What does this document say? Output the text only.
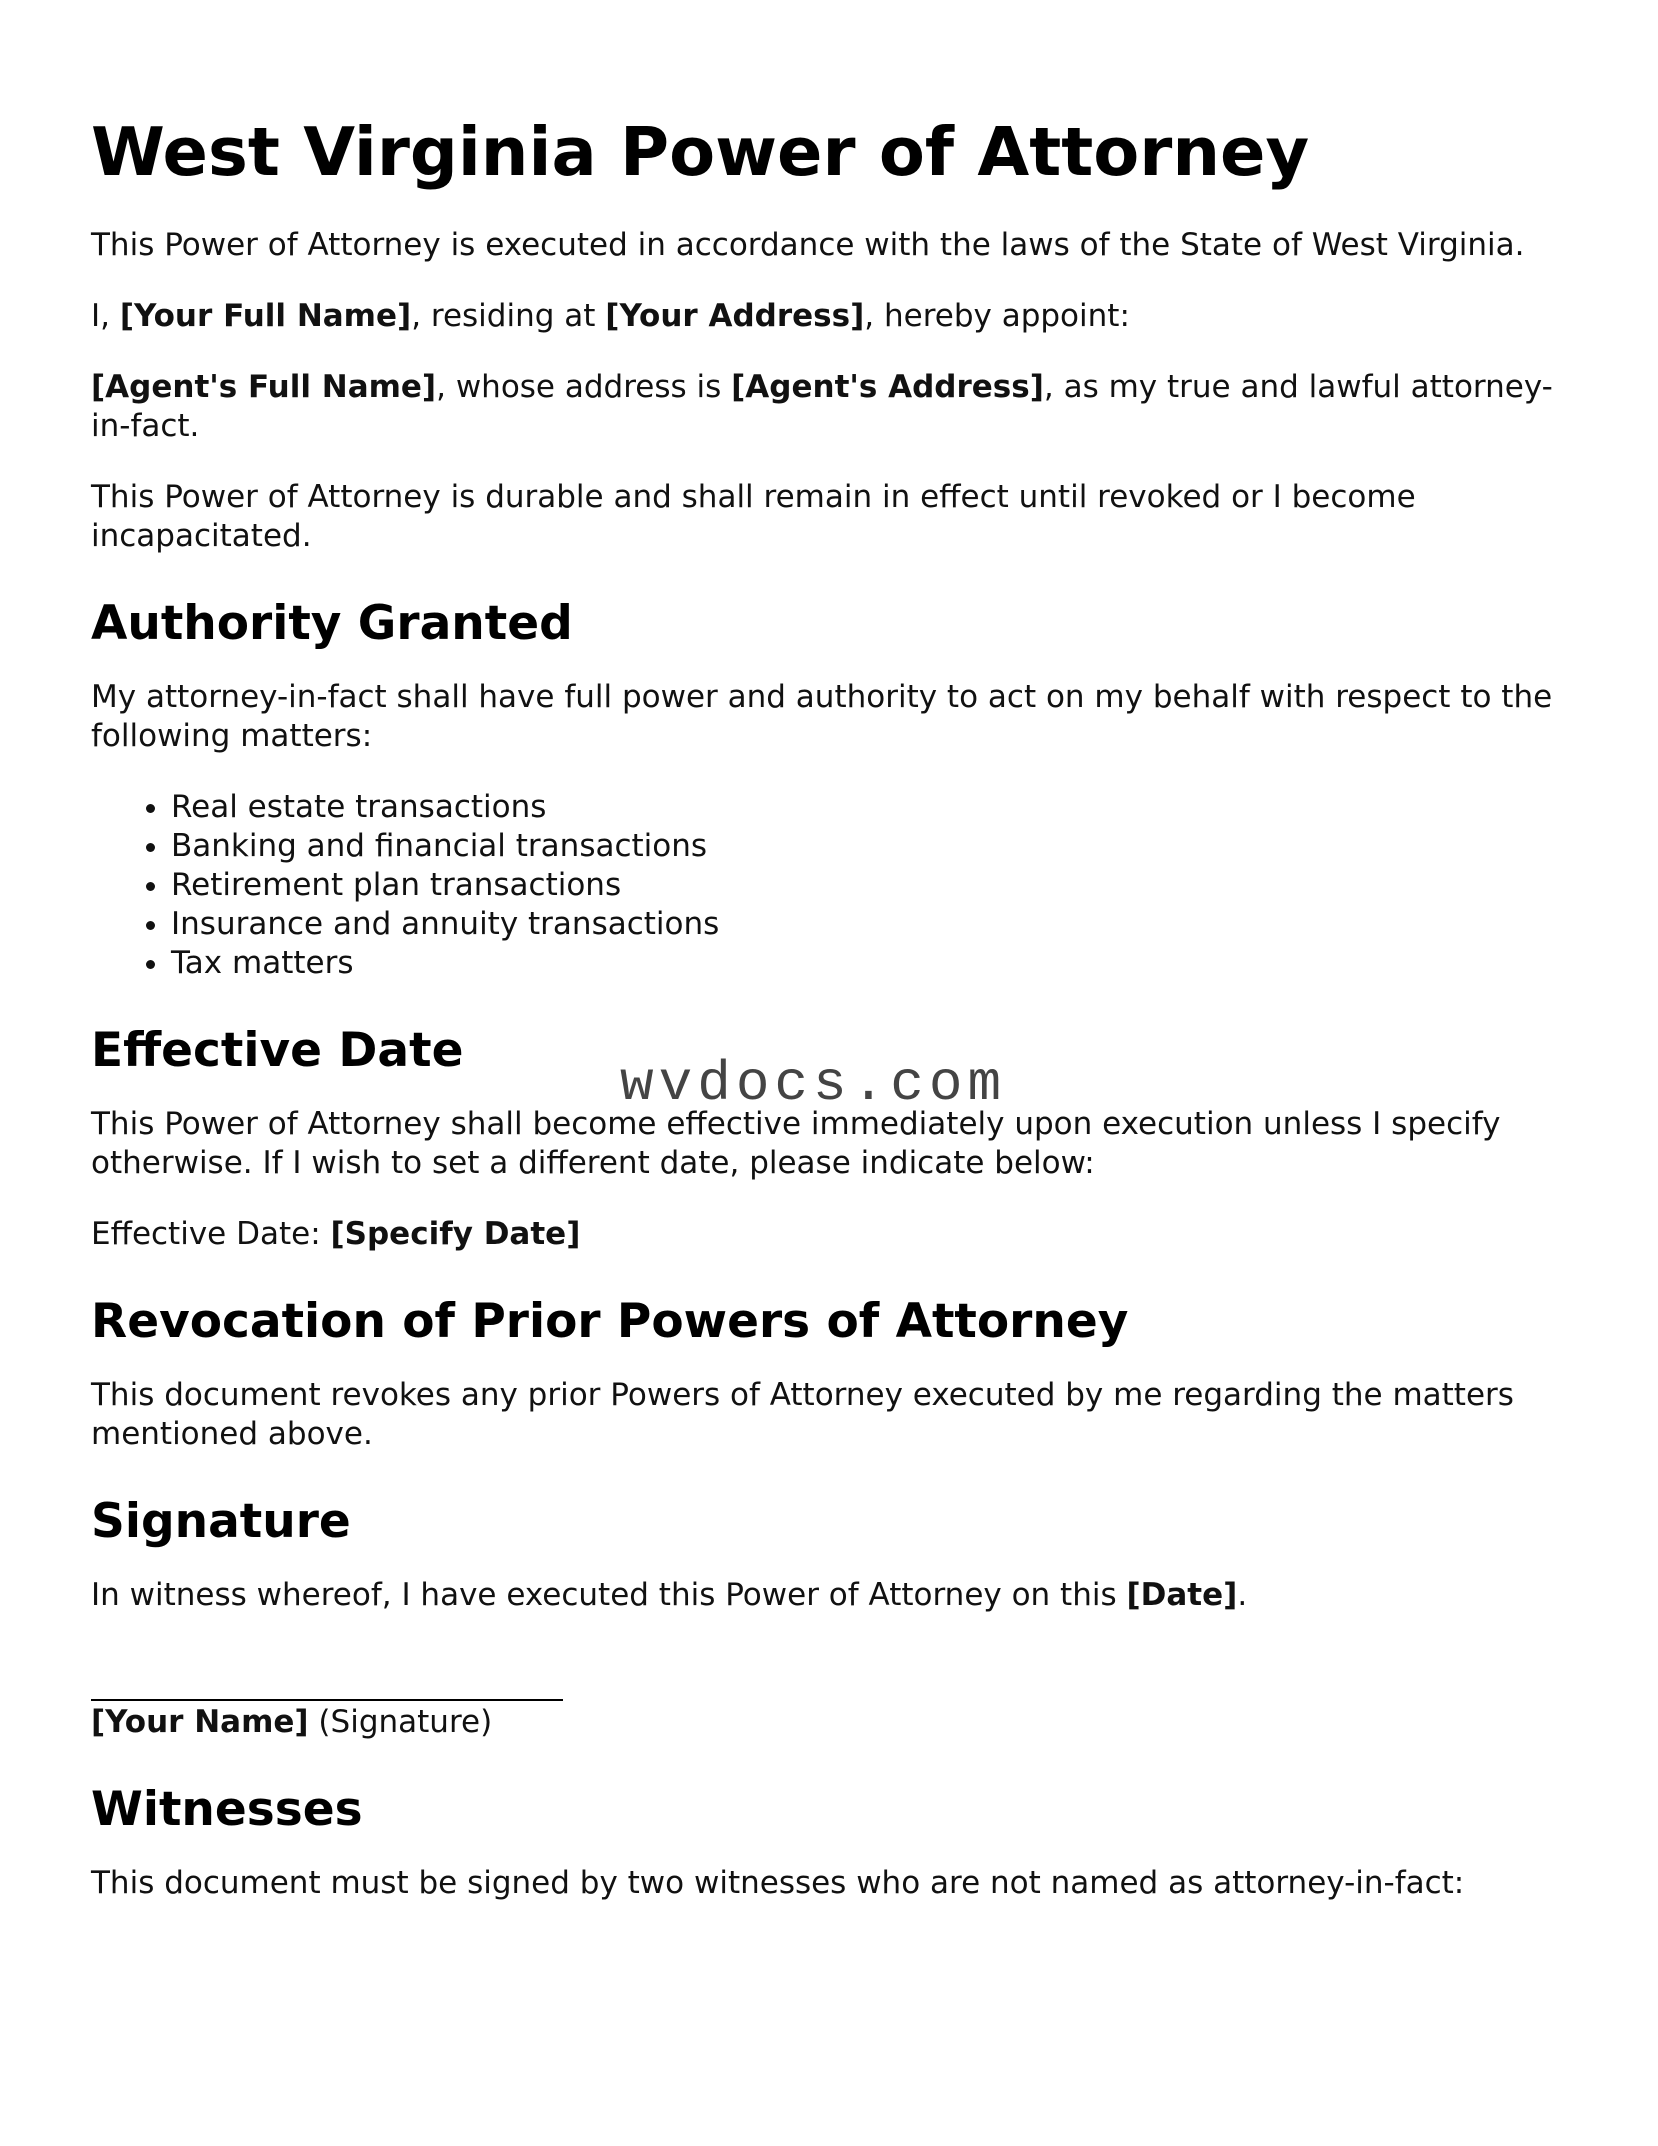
West Virginia Power of Attorney

This Power of Attorney is executed in accordance with the laws of the State of West Virginia.

I, [Your Full Name], residing at [Your Address], hereby appoint:

[Agent's Full Name], whose address is [Agent's Address], as my true and lawful attorney-in-fact.

This Power of Attorney is durable and shall remain in effect until revoked or I become incapacitated.

Authority Granted

My attorney-in-fact shall have full power and authority to act on my behalf with respect to the following matters:

• Real estate transactions
• Banking and financial transactions
• Retirement plan transactions
• Insurance and annuity transactions
• Tax matters
Effective Date

This Power of Attorney shall become effective immediately upon execution unless I specify otherwise. If I wish to set a different date, please indicate below:

Effective Date: [Specify Date]

Revocation of Prior Powers of Attorney

This document revokes any prior Powers of Attorney executed by me regarding the matters mentioned above.

Signature

In witness whereof, I have executed this Power of Attorney on this [Date].

[Your Name] (Signature)
Witnesses

This document must be signed by two witnesses who are not named as attorney-in-fact:

wvdocs.com
